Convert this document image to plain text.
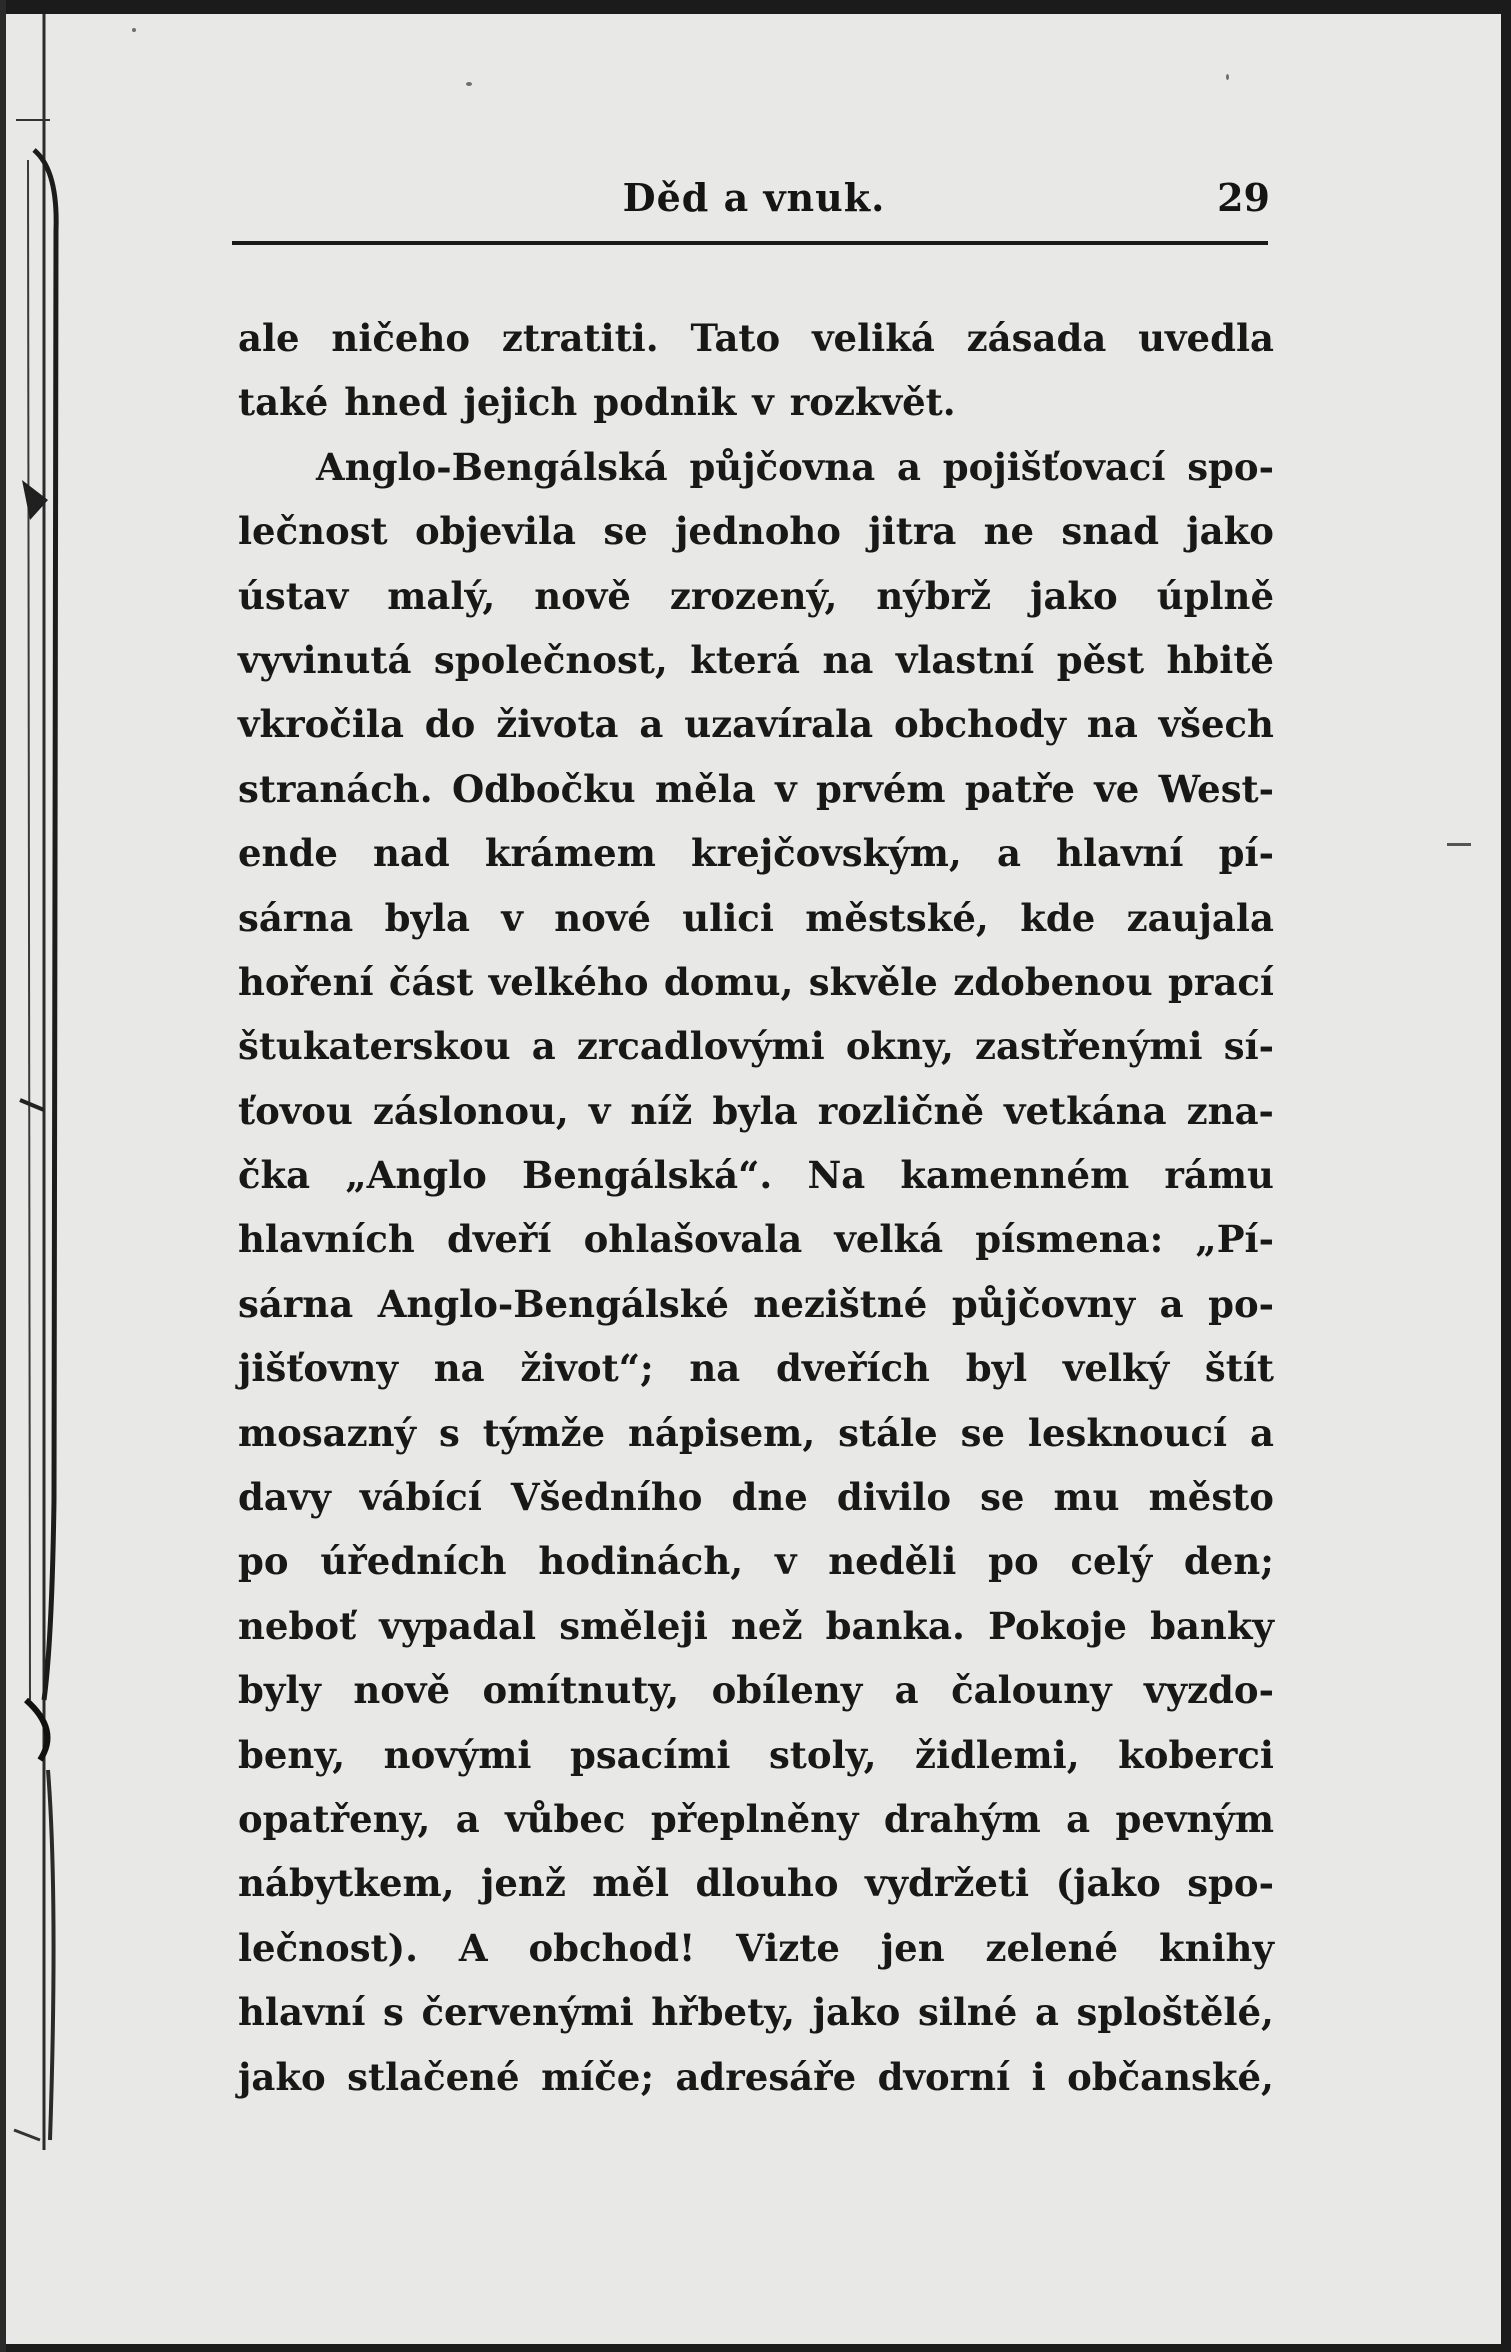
Děd a vnuk.	29
ale ničeho ztratiti. Tato veliká zásada uvedla
také hned jejich podnik v rozkvět.
Anglo-Bengálská půjčovna a pojišťovací spo-
lečnost objevila se jednoho jitra ne snad jako
ústav malý, nově zrozený, nýbrž jako úplně
vyvinutá společnost, která na vlastní pěst hbitě
vkročila do života a uzavírala obchody na všech
stranách. Odbočku měla v prvém patře ve West-
ende nad krámem krejčovským, a hlavní pí-
sárna byla v nové ulici městské, kde zaujala
hoření část velkého domu, skvěle zdobenou prací
štukaterskou a zrcadlovými okny, zastřenými sí-
ťovou záslonou, v níž byla rozličně vetkána zna-
čka „Anglo Bengálská“. Na kamenném rámu
hlavních dveří ohlašovala velká písmena: „Pí-
sárna Anglo-Bengálské nezištné půjčovny a po-
jišťovny na život“; na dveřích byl velký štít
mosazný s týmže nápisem, stále se lesknoucí a
davy vábící Všedního dne divilo se mu město
po úředních hodinách, v neděli po celý den;
neboť vypadal směleji než banka. Pokoje banky
byly nově omítnuty, obíleny a čalouny vyzdo-
beny, novými psacími stoly, židlemi, koberci
opatřeny, a vůbec přeplněny drahým a pevným
nábytkem, jenž měl dlouho vydržeti (jako spo-
lečnost). A obchod! Vizte jen zelené knihy
hlavní s červenými hřbety, jako silné a sploštělé,
jako stlačené míče; adresáře dvorní i občanské,
